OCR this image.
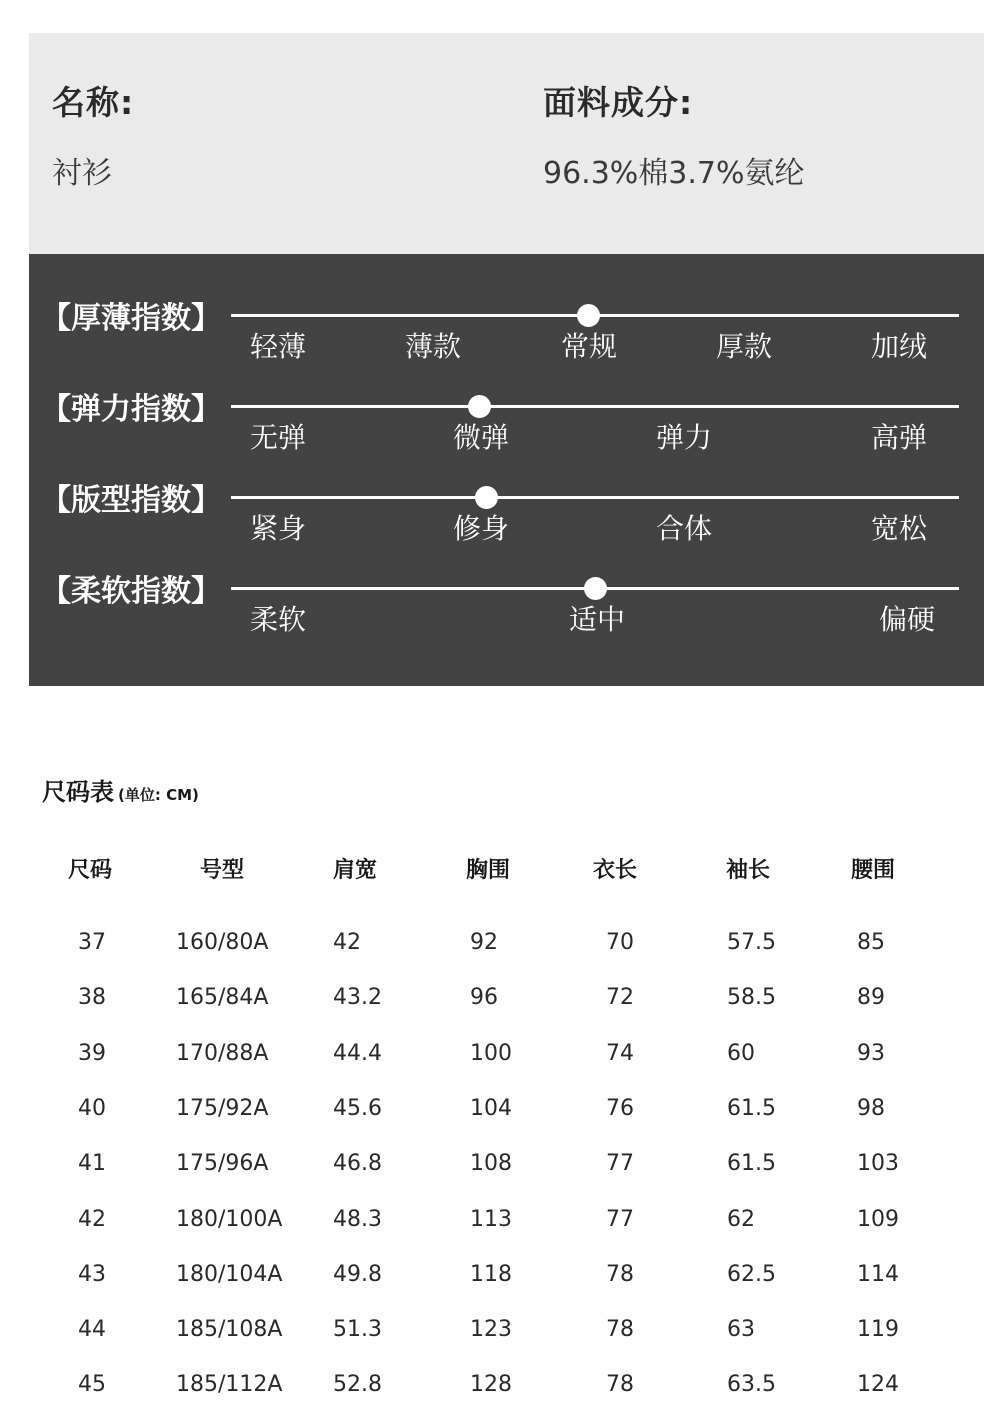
名称:
衬衫
面料成分:
96.3%棉3.7%氨纶
【厚薄指数】
轻薄	薄款	常规	厚款	加绒
【弹力指数】
无弹	微弹	弹力	高弹
【版型指数】
紧身	修身	合体	宽松
【柔软指数】
柔软	适中	偏硬
尺码表 (单位: CM)
尺码	号型	肩宽	胸围	衣长	袖长	腰围
37	160/80A	42	92	70	57.5	85
38	165/84A	43.2	96	72	58.5	89
39	170/88A	44.4	100	74	60	93
40	175/92A	45.6	104	76	61.5	98
41	175/96A	46.8	108	77	61.5	103
42	180/100A 48.3	113	77	62	109
43	180/104A 49.8	118	78	62.5	114
44	185/108A 51.3	123	78	63	119
45	185/112A 52.8	128	78	63.5	124
